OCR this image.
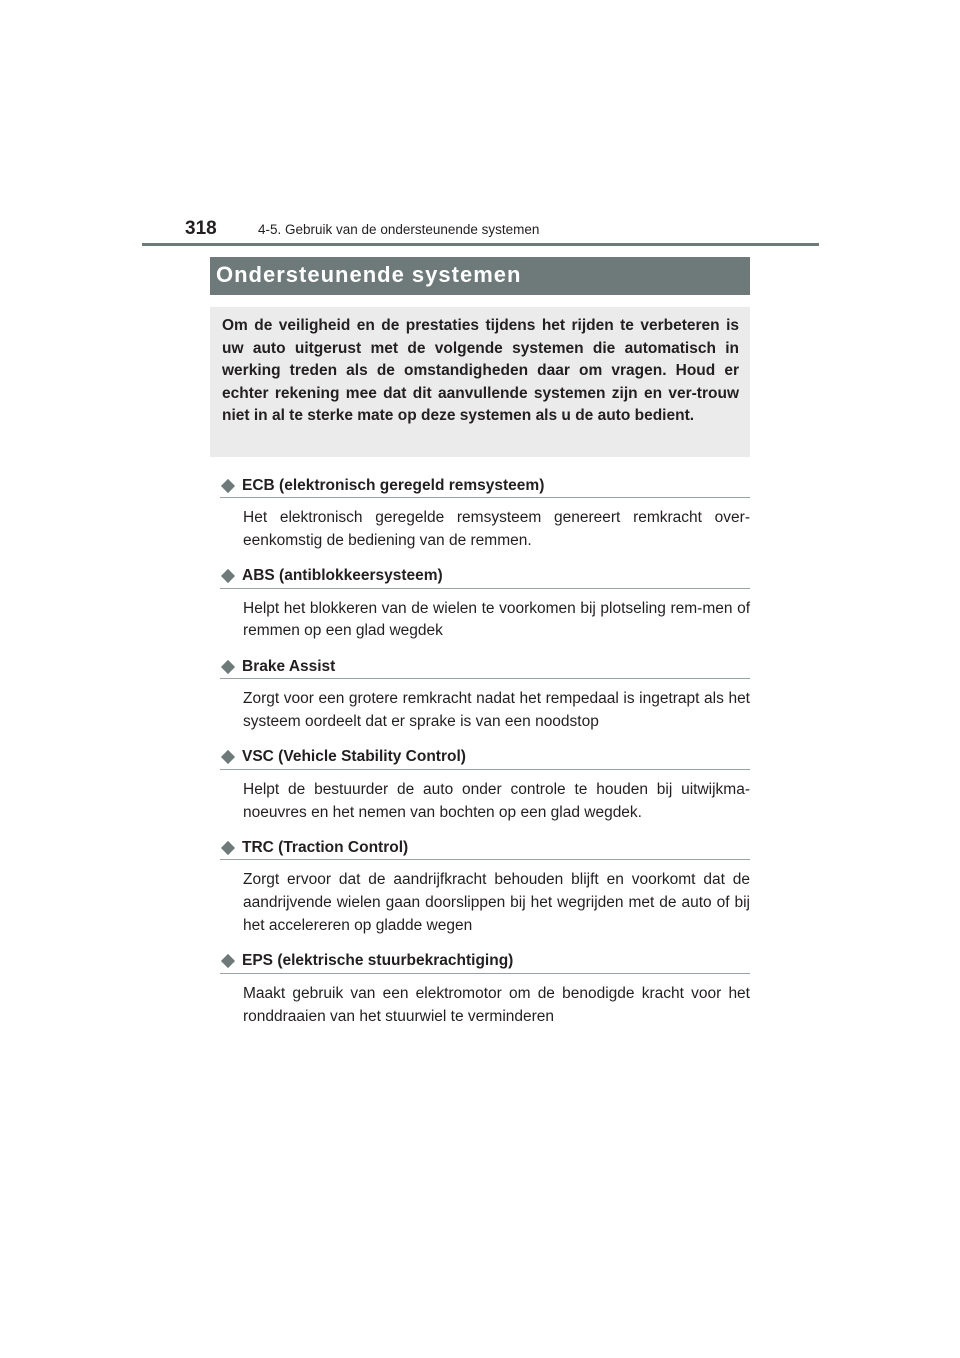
318	4-5. Gebruik van de ondersteunende systemen
Ondersteunende systemen
Om de veiligheid en de prestaties tijdens het rijden te verbeteren is uw auto uitgerust met de volgende systemen die automatisch in werking treden als de omstandigheden daar om vragen. Houd er echter rekening mee dat dit aanvullende systemen zijn en ver-trouw niet in al te sterke mate op deze systemen als u de auto bedient.
ECB (elektronisch geregeld remsysteem)

Het elektronisch geregelde remsysteem genereert remkracht over-eenkomstig de bediening van de remmen.

ABS (antiblokkeersysteem)

Helpt het blokkeren van de wielen te voorkomen bij plotseling rem-men of remmen op een glad wegdek

Brake Assist

Zorgt voor een grotere remkracht nadat het rempedaal is ingetrapt als het systeem oordeelt dat er sprake is van een noodstop

VSC (Vehicle Stability Control)

Helpt de bestuurder de auto onder controle te houden bij uitwijkma-noeuvres en het nemen van bochten op een glad wegdek.

TRC (Traction Control)

Zorgt ervoor dat de aandrijfkracht behouden blijft en voorkomt dat de aandrijvende wielen gaan doorslippen bij het wegrijden met de auto of bij het accelereren op gladde wegen

EPS (elektrische stuurbekrachtiging)

Maakt gebruik van een elektromotor om de benodigde kracht voor het ronddraaien van het stuurwiel te verminderen
